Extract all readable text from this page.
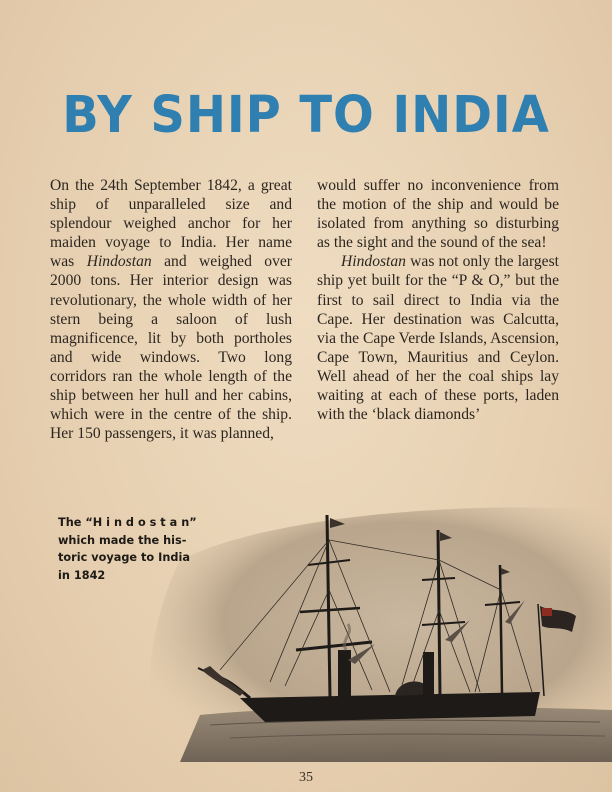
BY SHIP TO INDIA

On the 24th September 1842, a great ship of unparalleled size and splendour weighed anchor for her maiden voyage to India. Her name was Hindostan and weighed over 2000 tons. Her interior design was revolutionary, the whole width of her stern being a saloon of lush magnificence, lit by both portholes and wide windows. Two long corridors ran the whole length of the ship between her hull and her cabins, which were in the centre of the ship. Her 150 passengers, it was planned,

would suffer no inconvenience from the motion of the ship and would be isolated from anything so disturbing as the sight and the sound of the sea!

Hindostan was not only the largest ship yet built for the “P & O,” but the first to sail direct to India via the Cape. Her destination was Calcutta, via the Cape Verde Islands, Ascension, Cape Town, Mauritius and Ceylon. Well ahead of her the coal ships lay waiting at each of these ports, laden with the ‘black diamonds’

The “H i n d o s t a n”
which made the his-
toric voyage to India
in 1842
35
